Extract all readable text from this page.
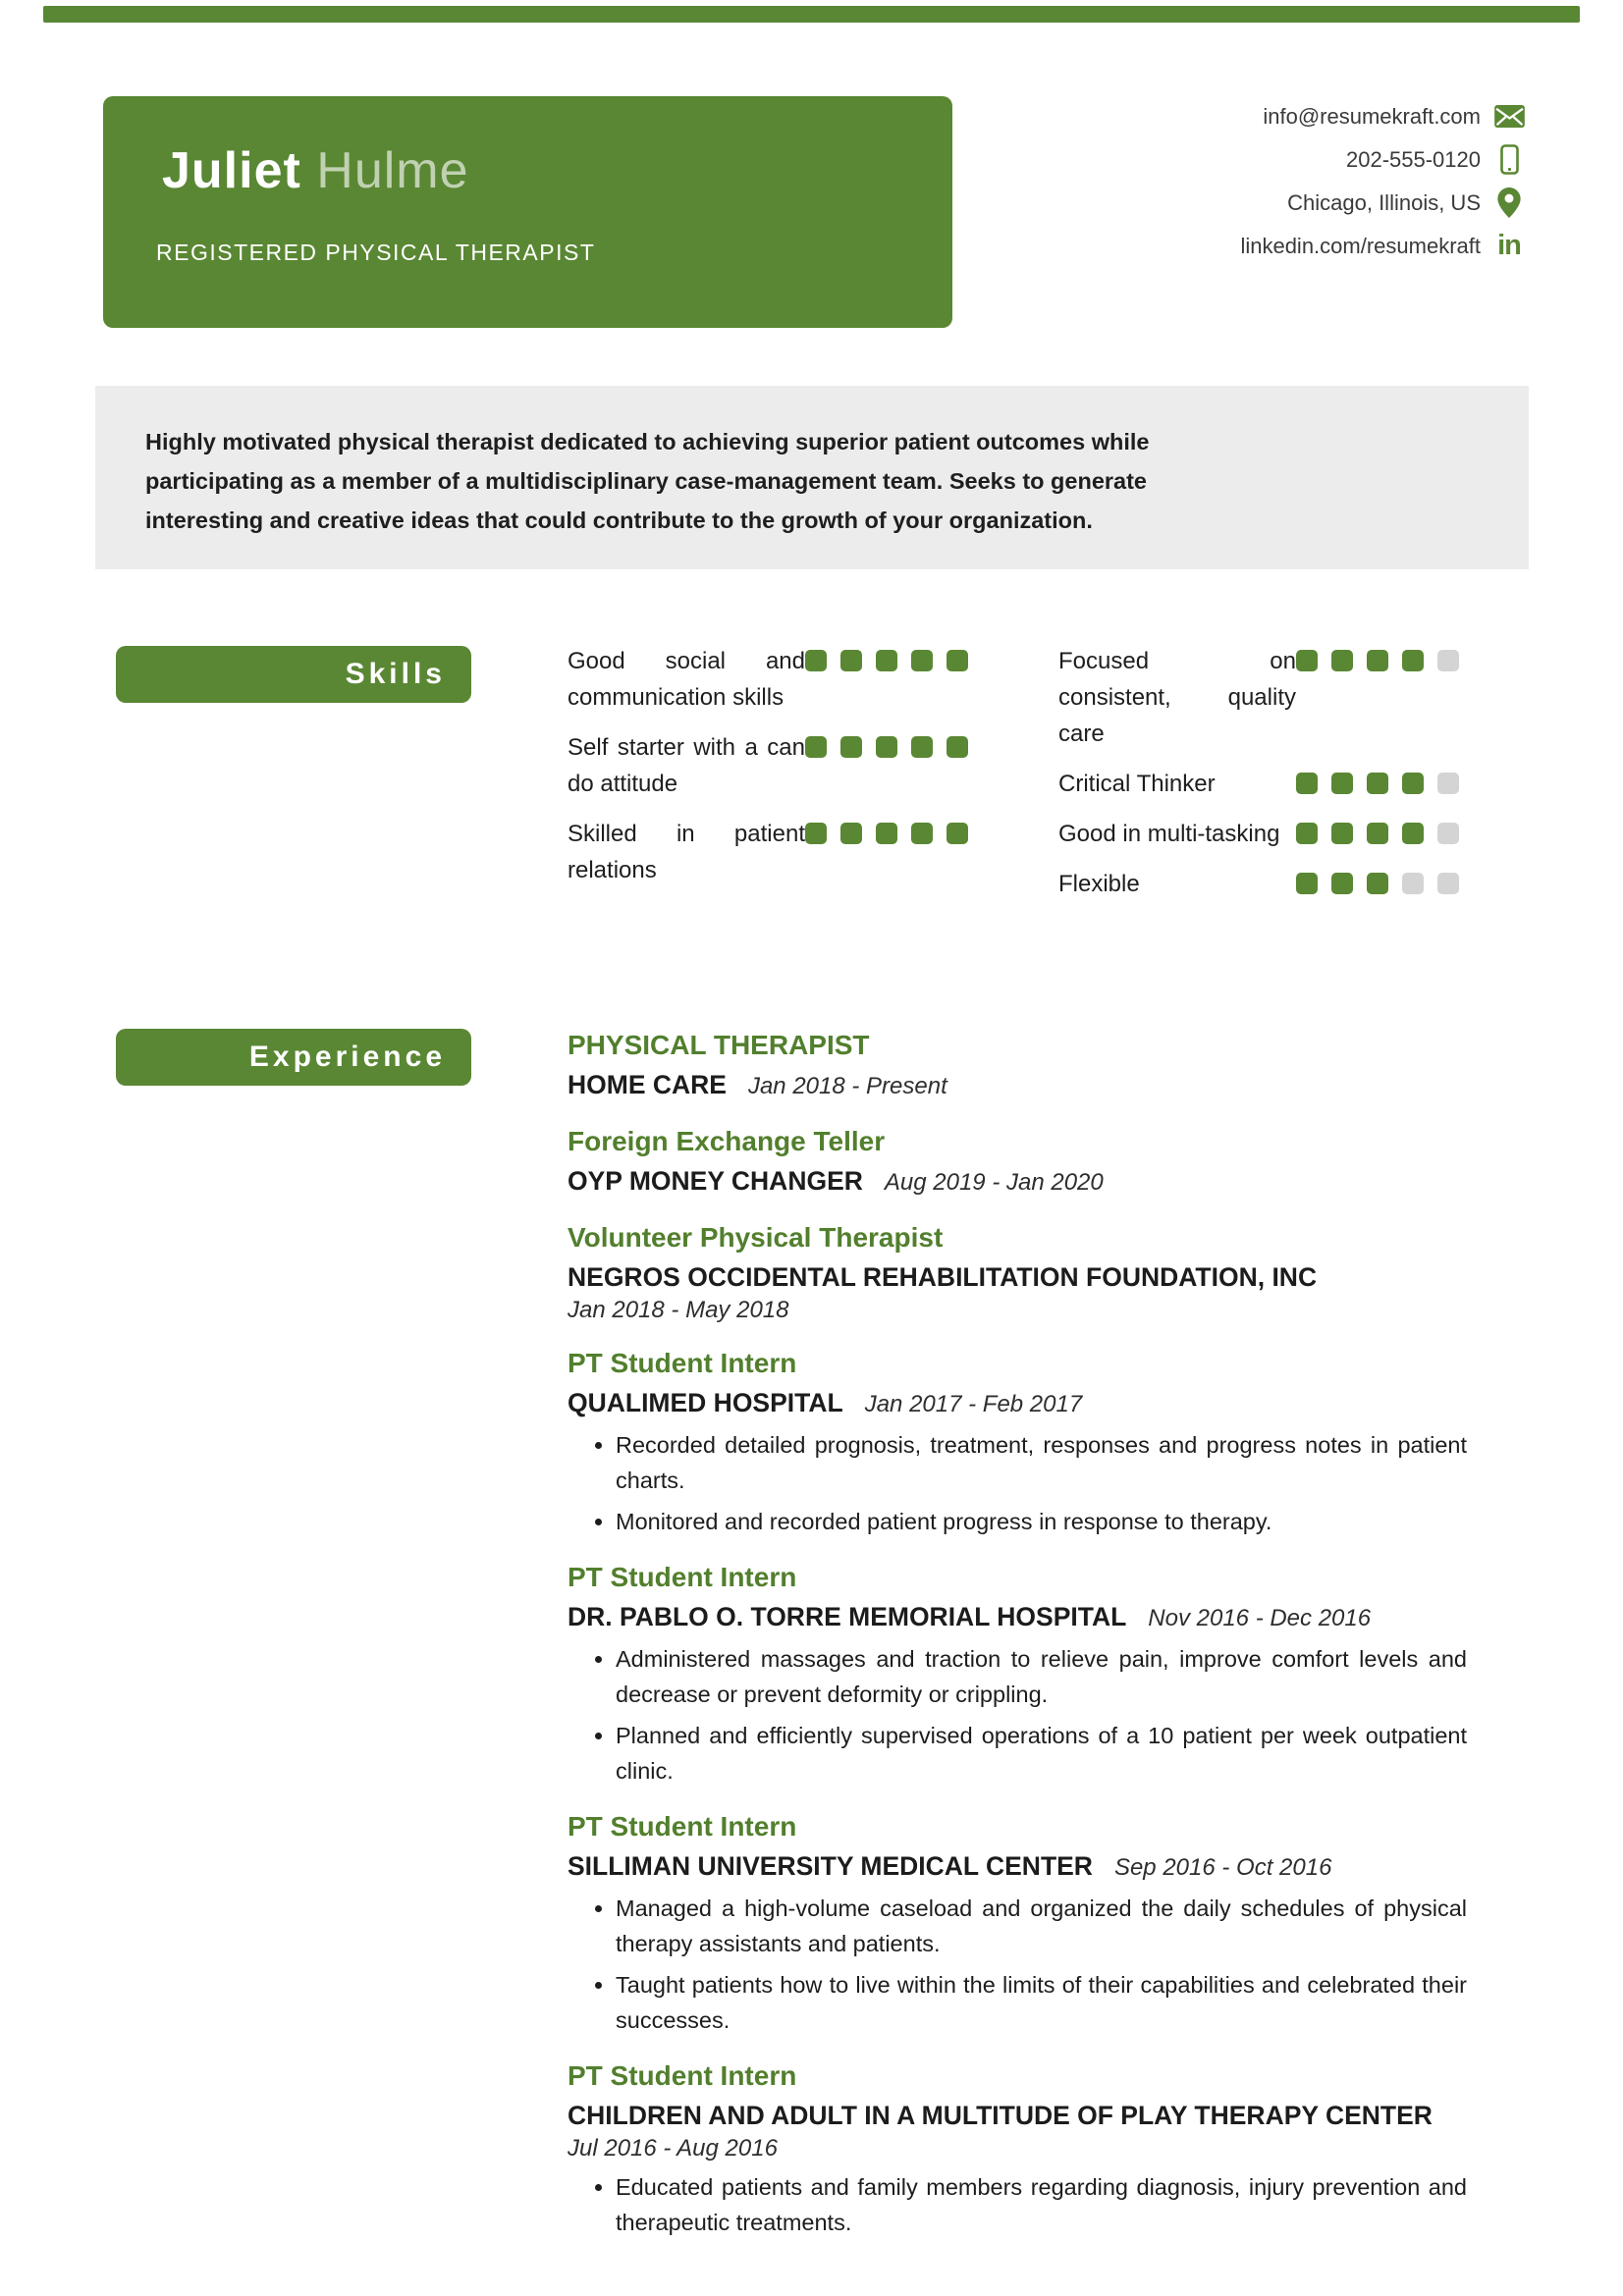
Juliet Hulme
REGISTERED PHYSICAL THERAPIST
info@resumekraft.com
202-555-0120
Chicago, Illinois, US
linkedin.com/resumekraft in
Highly motivated physical therapist dedicated to achieving superior patient outcomes while participating as a member of a multidisciplinary case-management team. Seeks to generate interesting and creative ideas that could contribute to the growth of your organization.
Skills	Good social and communication skills
Self starter with a can do attitude
Skilled in patient relations
Focused on consistent, quality care
Critical Thinker
Good in multi-tasking
Flexible
Experience	PHYSICAL THERAPIST
HOME CARE Jan 2018 - Present
Foreign Exchange Teller
OYP MONEY CHANGER Aug 2019 - Jan 2020
Volunteer Physical Therapist
NEGROS OCCIDENTAL REHABILITATION FOUNDATION, INC
Jan 2018 - May 2018
PT Student Intern
QUALIMED HOSPITAL Jan 2017 - Feb 2017
• Recorded detailed prognosis, treatment, responses and progress notes in patient charts.
• Monitored and recorded patient progress in response to therapy.
PT Student Intern
DR. PABLO O. TORRE MEMORIAL HOSPITAL Nov 2016 - Dec 2016
• Administered massages and traction to relieve pain, improve comfort levels and decrease or prevent deformity or crippling.
• Planned and efficiently supervised operations of a 10 patient per week outpatient clinic.
PT Student Intern
SILLIMAN UNIVERSITY MEDICAL CENTER Sep 2016 - Oct 2016
• Managed a high-volume caseload and organized the daily schedules of physical therapy assistants and patients.
• Taught patients how to live within the limits of their capabilities and celebrated their successes.
PT Student Intern
CHILDREN AND ADULT IN A MULTITUDE OF PLAY THERAPY CENTER
Jul 2016 - Aug 2016
• Educated patients and family members regarding diagnosis, injury prevention and therapeutic treatments.
